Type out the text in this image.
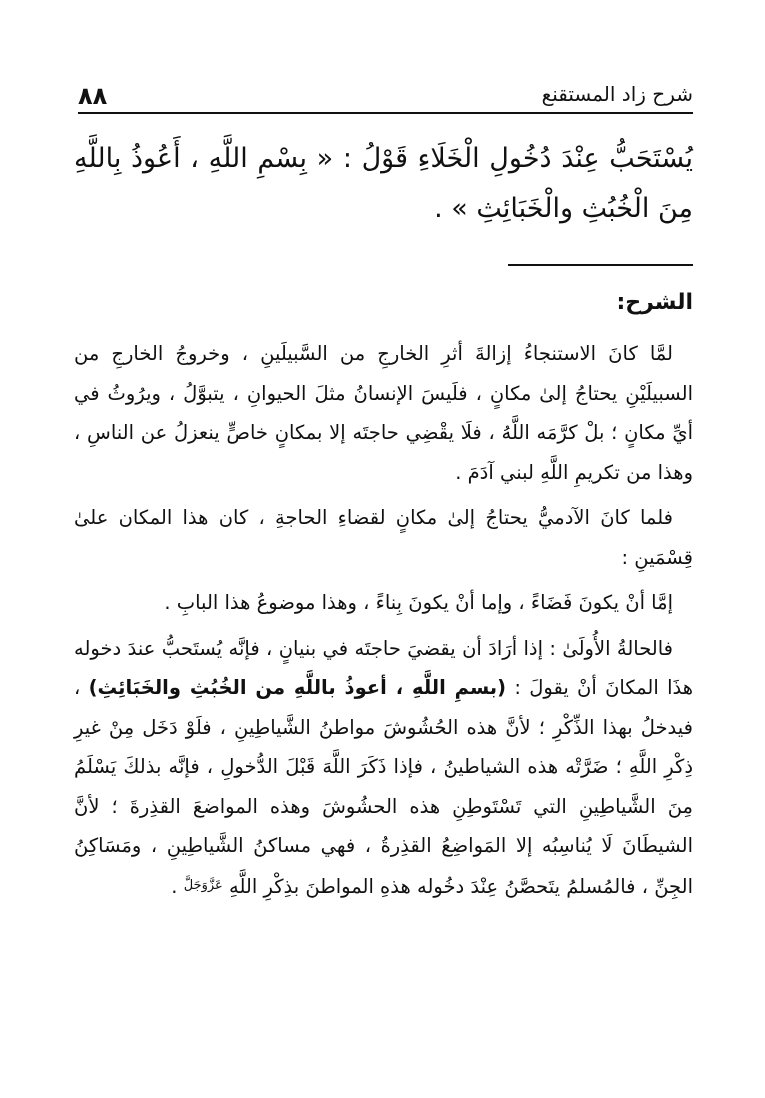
٨٨	شرح زاد المستقنع

يُسْتَحَبُّ عِنْدَ دُخُولِ الْخَلَاءِ قَوْلُ : « بِسْمِ اللَّهِ ، أَعُوذُ بِاللَّهِ مِنَ الْخُبُثِ والْخَبَائِثِ » .

الشرح:

لمَّا كانَ الاستنجاءُ إزالةَ أثرِ الخارجِ من السَّبيلَينِ ، وخروجُ الخارجِ من السبيلَيْنِ يحتاجُ إلىٰ مكانٍ ، فلَيسَ الإنسانُ مثلَ الحيوانِ ، يتبوَّلُ ، ويرُوثُ في أيِّ مكانٍ ؛ بلْ كرَّمَه اللَّهُ ، فلَا يقْضِي حاجتَه إلا بمكانٍ خاصٍّ ينعزلُ عن الناسِ ، وهذا من تكريمِ اللَّهِ لبني آدَمَ .

فلما كانَ الآدميُّ يحتاجُ إلىٰ مكانٍ لقضاءِ الحاجةِ ، كان هذا المكان علىٰ قِسْمَينِ :

إمَّا أنْ يكونَ فَضَاءً ، وإما أنْ يكونَ بِناءً ، وهذا موضوعُ هذا البابِ .

فالحالةُ الأُولَىٰ : إذا أرَادَ أن يقضيَ حاجتَه في بنيانٍ ، فإنَّه يُستَحبُّ عندَ دخوله هذَا المكانَ أنْ يقولَ : (بسمِ اللَّهِ ، أعوذُ باللَّهِ من الخُبُثِ والخَبَائِثِ) ، فيدخلُ بهذا الذِّكْرِ ؛ لأنَّ هذه الحُشُوشَ مواطنُ الشَّياطِينِ ، فلَوْ دَخَل مِنْ غيرِ ذِكْرِ اللَّهِ ؛ ضَرَّتْه هذه الشياطينُ ، فإذا ذَكَرَ اللَّهَ قَبْلَ الدُّخولِ ، فإنَّه بذلكَ يَسْلَمُ مِنَ الشَّياطِينِ التي تَسْتَوطِنِ هذه الحشُوشَ وهذه المواضعَ القذِرةَ ؛ لأنَّ الشيطَانَ لَا يُناسِبُه إلا المَواضِعُ القذِرةُ ، فهي مساكنُ الشَّياطِينِ ، ومَسَاكِنُ الجِنِّ ، فالمُسلمُ يتَحصَّنُ عِنْدَ دخُوله هذهِ المواطنَ بذِكْرِ اللَّهِ $^{عَزَّوَجَلَّ}$ .
